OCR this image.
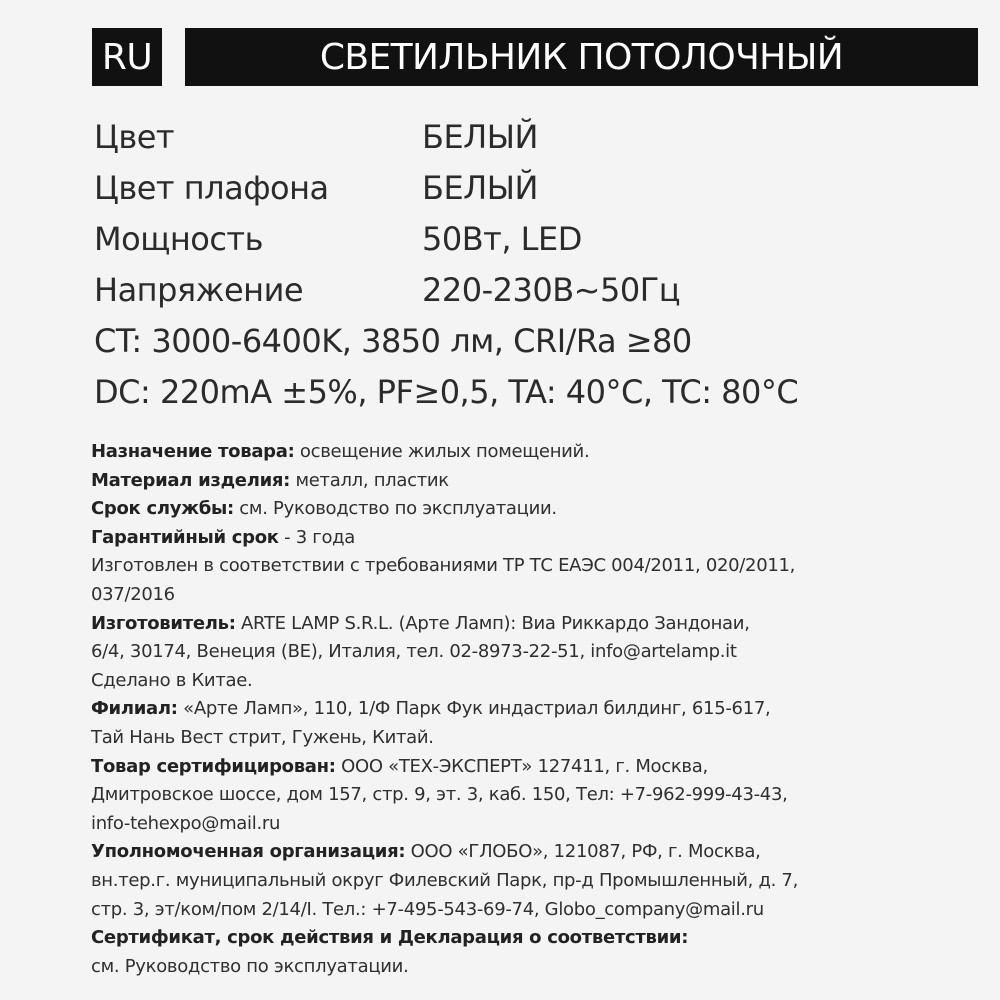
RU	СВЕТИЛЬНИК ПОТОЛОЧНЫЙ
Цвет	БЕЛЫЙ
Цвет плафона	БЕЛЫЙ
Мощность	50Вт, LED
Напряжение	220-230В~50Гц
CT: 3000-6400K, 3850 лм, CRI/Ra ≥80
DC: 220mA ±5%, PF≥0,5, TA: 40°C, TC: 80°C
Назначение товара: освещение жилых помещений.
Материал изделия: металл, пластик
Срок службы: см. Руководство по эксплуатации.
Гарантийный срок - 3 года
Изготовлен в соответствии с требованиями ТР ТС ЕАЭС 004/2011, 020/2011,
037/2016
Изготовитель: ARTE LAMP S.R.L. (Арте Ламп): Виа Риккардо Зандонаи,
6/4, 30174, Венеция (ВЕ), Италия, тел. 02-8973-22-51, info@artelamp.it
Сделано в Китае.
Филиал: «Арте Ламп», 110, 1/Ф Парк Фук индастриал билдинг, 615-617,
Тай Нань Вест стрит, Гужень, Китай.
Товар сертифицирован: ООО «ТЕХ-ЭКСПЕРТ» 127411, г. Москва,
Дмитровское шоссе, дом 157, стр. 9, эт. 3, каб. 150, Тел: +7-962-999-43-43,
info-tehexpo@mail.ru
Уполномоченная организация: ООО «ГЛОБО», 121087, РФ, г. Москва,
вн.тер.г. муниципальный округ Филевский Парк, пр-д Промышленный, д. 7,
стр. 3, эт/ком/пом 2/14/I. Тел.: +7-495-543-69-74, Globo_company@mail.ru
Сертификат, срок действия и Декларация о соответствии:
см. Руководство по эксплуатации.
